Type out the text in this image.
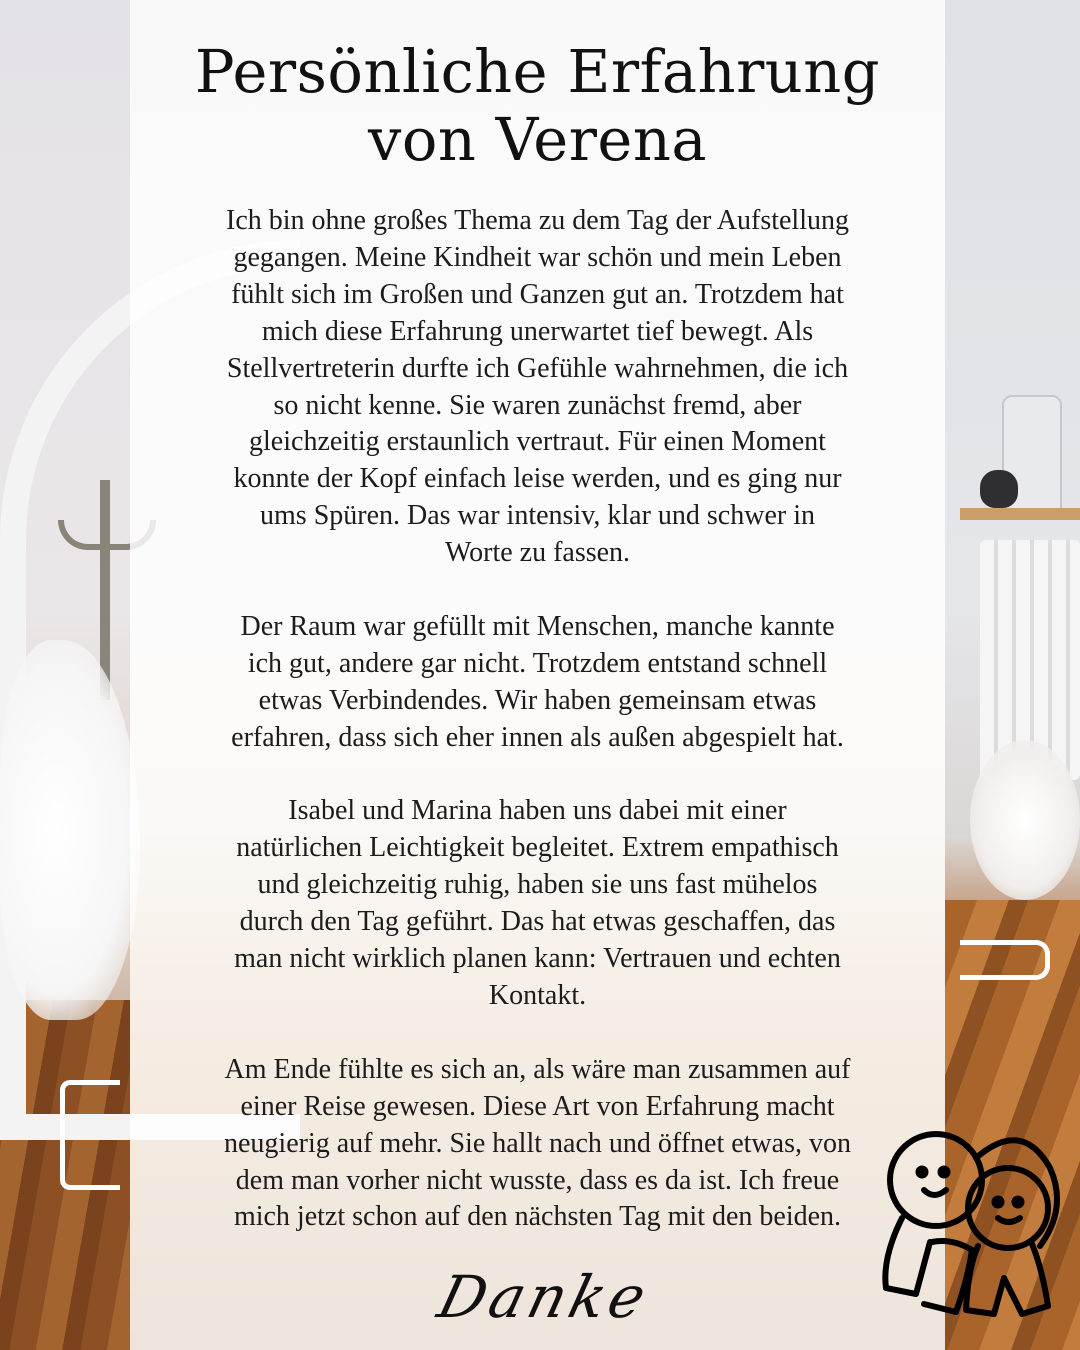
Persönliche Erfahrung
von Verena

Ich bin ohne großes Thema zu dem Tag der Aufstellung
gegangen. Meine Kindheit war schön und mein Leben
fühlt sich im Großen und Ganzen gut an. Trotzdem hat
mich diese Erfahrung unerwartet tief bewegt. Als
Stellvertreterin durfte ich Gefühle wahrnehmen, die ich
so nicht kenne. Sie waren zunächst fremd, aber
gleichzeitig erstaunlich vertraut. Für einen Moment
konnte der Kopf einfach leise werden, und es ging nur
ums Spüren. Das war intensiv, klar und schwer in
Worte zu fassen.

Der Raum war gefüllt mit Menschen, manche kannte
ich gut, andere gar nicht. Trotzdem entstand schnell
etwas Verbindendes. Wir haben gemeinsam etwas
erfahren, dass sich eher innen als außen abgespielt hat.

Isabel und Marina haben uns dabei mit einer
natürlichen Leichtigkeit begleitet. Extrem empathisch
und gleichzeitig ruhig, haben sie uns fast mühelos
durch den Tag geführt. Das hat etwas geschaffen, das
man nicht wirklich planen kann: Vertrauen und echten
Kontakt.

Am Ende fühlte es sich an, als wäre man zusammen auf
einer Reise gewesen. Diese Art von Erfahrung macht
neugierig auf mehr. Sie hallt nach und öffnet etwas, von
dem man vorher nicht wusste, dass es da ist. Ich freue
mich jetzt schon auf den nächsten Tag mit den beiden.

Danke
